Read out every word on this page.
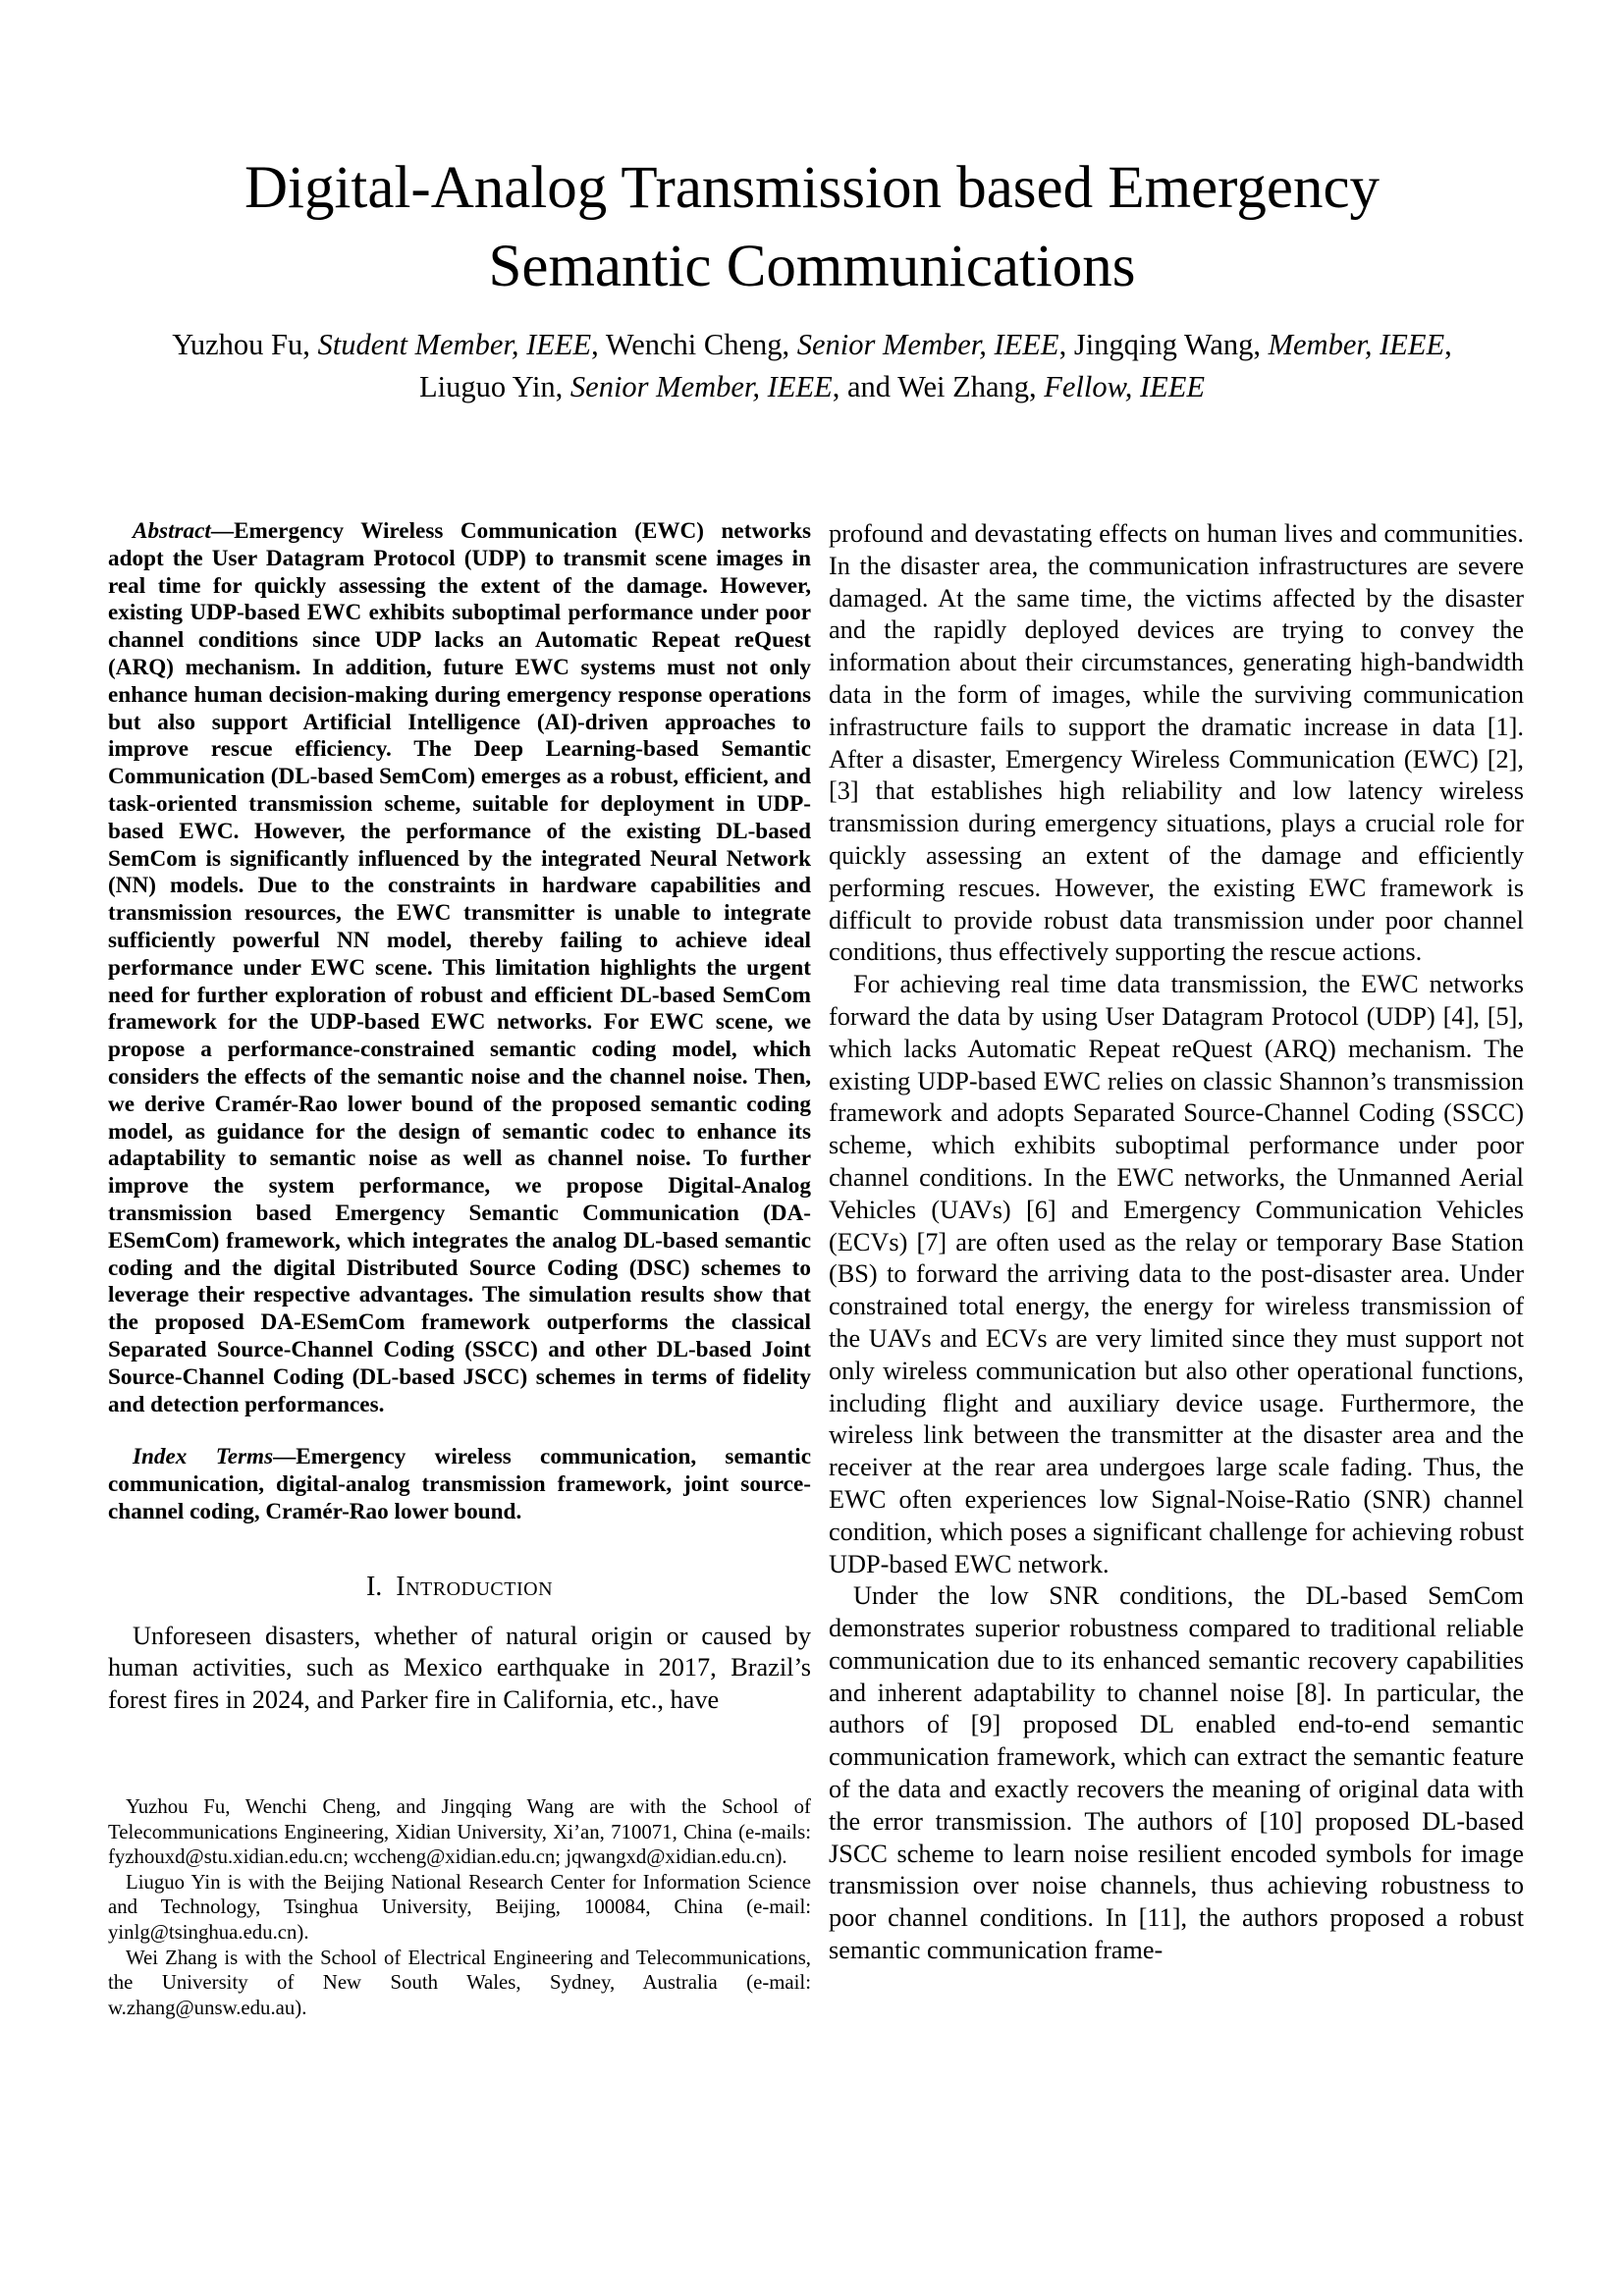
Digital-Analog Transmission based Emergency
Semantic Communications
Yuzhou Fu, Student Member, IEEE, Wenchi Cheng, Senior Member, IEEE, Jingqing Wang, Member, IEEE,
Liuguo Yin, Senior Member, IEEE, and Wei Zhang, Fellow, IEEE

Abstract—Emergency Wireless Communication (EWC) networks adopt the User Datagram Protocol (UDP) to transmit scene images in real time for quickly assessing the extent of the damage. However, existing UDP-based EWC exhibits suboptimal performance under poor channel conditions since UDP lacks an Automatic Repeat reQuest (ARQ) mechanism. In addition, future EWC systems must not only enhance human decision-making during emergency response operations but also support Artificial Intelligence (AI)-driven approaches to improve rescue efficiency. The Deep Learning-based Semantic Communication (DL-based SemCom) emerges as a robust, efficient, and task-oriented transmission scheme, suitable for deployment in UDP-based EWC. However, the performance of the existing DL-based SemCom is significantly influenced by the integrated Neural Network (NN) models. Due to the constraints in hardware capabilities and transmission resources, the EWC transmitter is unable to integrate sufficiently powerful NN model, thereby failing to achieve ideal performance under EWC scene. This limitation highlights the urgent need for further exploration of robust and efficient DL-based SemCom framework for the UDP-based EWC networks. For EWC scene, we propose a performance-constrained semantic coding model, which considers the effects of the semantic noise and the channel noise. Then, we derive Cramér-Rao lower bound of the proposed semantic coding model, as guidance for the design of semantic codec to enhance its adaptability to semantic noise as well as channel noise. To further improve the system performance, we propose Digital-Analog transmission based Emergency Semantic Communication (DA-ESemCom) framework, which integrates the analog DL-based semantic coding and the digital Distributed Source Coding (DSC) schemes to leverage their respective advantages. The simulation results show that the proposed DA-ESemCom framework outperforms the classical Separated Source-Channel Coding (SSCC) and other DL-based Joint Source-Channel Coding (DL-based JSCC) schemes in terms of fidelity and detection performances.

Index Terms—Emergency wireless communication, semantic communication, digital-analog transmission framework, joint source-channel coding, Cramér-Rao lower bound.

I. Introduction

Unforeseen disasters, whether of natural origin or caused by human activities, such as Mexico earthquake in 2017, Brazil’s forest fires in 2024, and Parker fire in California, etc., have

profound and devastating effects on human lives and communities. In the disaster area, the communication infrastructures are severe damaged. At the same time, the victims affected by the disaster and the rapidly deployed devices are trying to convey the information about their circumstances, generating high-bandwidth data in the form of images, while the surviving communication infrastructure fails to support the dramatic increase in data [1]. After a disaster, Emergency Wireless Communication (EWC) [2], [3] that establishes high reliability and low latency wireless transmission during emergency situations, plays a crucial role for quickly assessing an extent of the damage and efficiently performing rescues. However, the existing EWC framework is difficult to provide robust data transmission under poor channel conditions, thus effectively supporting the rescue actions.

For achieving real time data transmission, the EWC networks forward the data by using User Datagram Protocol (UDP) [4], [5], which lacks Automatic Repeat reQuest (ARQ) mechanism. The existing UDP-based EWC relies on classic Shannon’s transmission framework and adopts Separated Source-Channel Coding (SSCC) scheme, which exhibits suboptimal performance under poor channel conditions. In the EWC networks, the Unmanned Aerial Vehicles (UAVs) [6] and Emergency Communication Vehicles (ECVs) [7] are often used as the relay or temporary Base Station (BS) to forward the arriving data to the post-disaster area. Under constrained total energy, the energy for wireless transmission of the UAVs and ECVs are very limited since they must support not only wireless communication but also other operational functions, including flight and auxiliary device usage. Furthermore, the wireless link between the transmitter at the disaster area and the receiver at the rear area undergoes large scale fading. Thus, the EWC often experiences low Signal-Noise-Ratio (SNR) channel condition, which poses a significant challenge for achieving robust UDP-based EWC network.

Under the low SNR conditions, the DL-based SemCom demonstrates superior robustness compared to traditional reliable communication due to its enhanced semantic recovery capabilities and inherent adaptability to channel noise [8]. In particular, the authors of [9] proposed DL enabled end-to-end semantic communication framework, which can extract the semantic feature of the data and exactly recovers the meaning of original data with the error transmission. The authors of [10] proposed DL-based JSCC scheme to learn noise resilient encoded symbols for image transmission over noise channels, thus achieving robustness to poor channel conditions. In [11], the authors proposed a robust semantic communication frame-

Yuzhou Fu, Wenchi Cheng, and Jingqing Wang are with the School of Telecommunications Engineering, Xidian University, Xi’an, 710071, China (e-mails: fyzhouxd@stu.xidian.edu.cn; wccheng@xidian.edu.cn; jqwangxd@xidian.edu.cn).

Liuguo Yin is with the Beijing National Research Center for Information Science and Technology, Tsinghua University, Beijing, 100084, China (e-mail: yinlg@tsinghua.edu.cn).

Wei Zhang is with the School of Electrical Engineering and Telecommunications, the University of New South Wales, Sydney, Australia (e-mail: w.zhang@unsw.edu.au).
